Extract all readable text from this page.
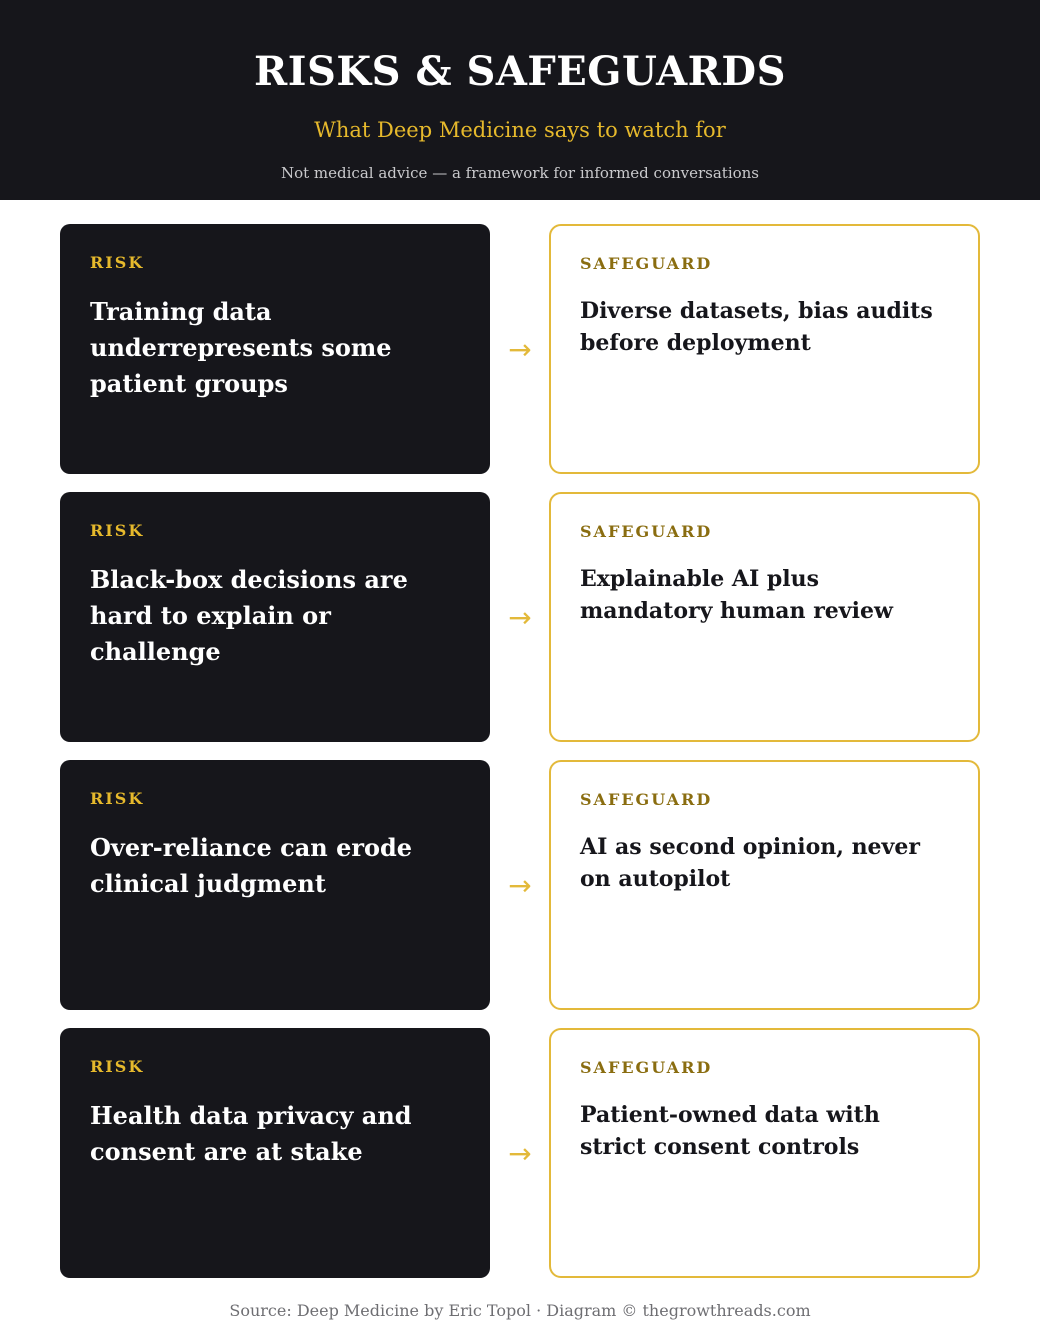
RISKS & SAFEGUARDS
What Deep Medicine says to watch for
Not medical advice — a framework for informed conversations
RISK
Training data underrepresents some patient groups
→
SAFEGUARD
Diverse datasets, bias audits before deployment
RISK
Black-box decisions are hard to explain or challenge
→
SAFEGUARD
Explainable AI plus mandatory human review
RISK
Over-reliance can erode clinical judgment	→
SAFEGUARD
AI as second opinion, never on autopilot
RISK
Health data privacy and consent are at stake	→
SAFEGUARD
Patient-owned data with strict consent controls
Source: Deep Medicine by Eric Topol · Diagram © thegrowthreads.com
